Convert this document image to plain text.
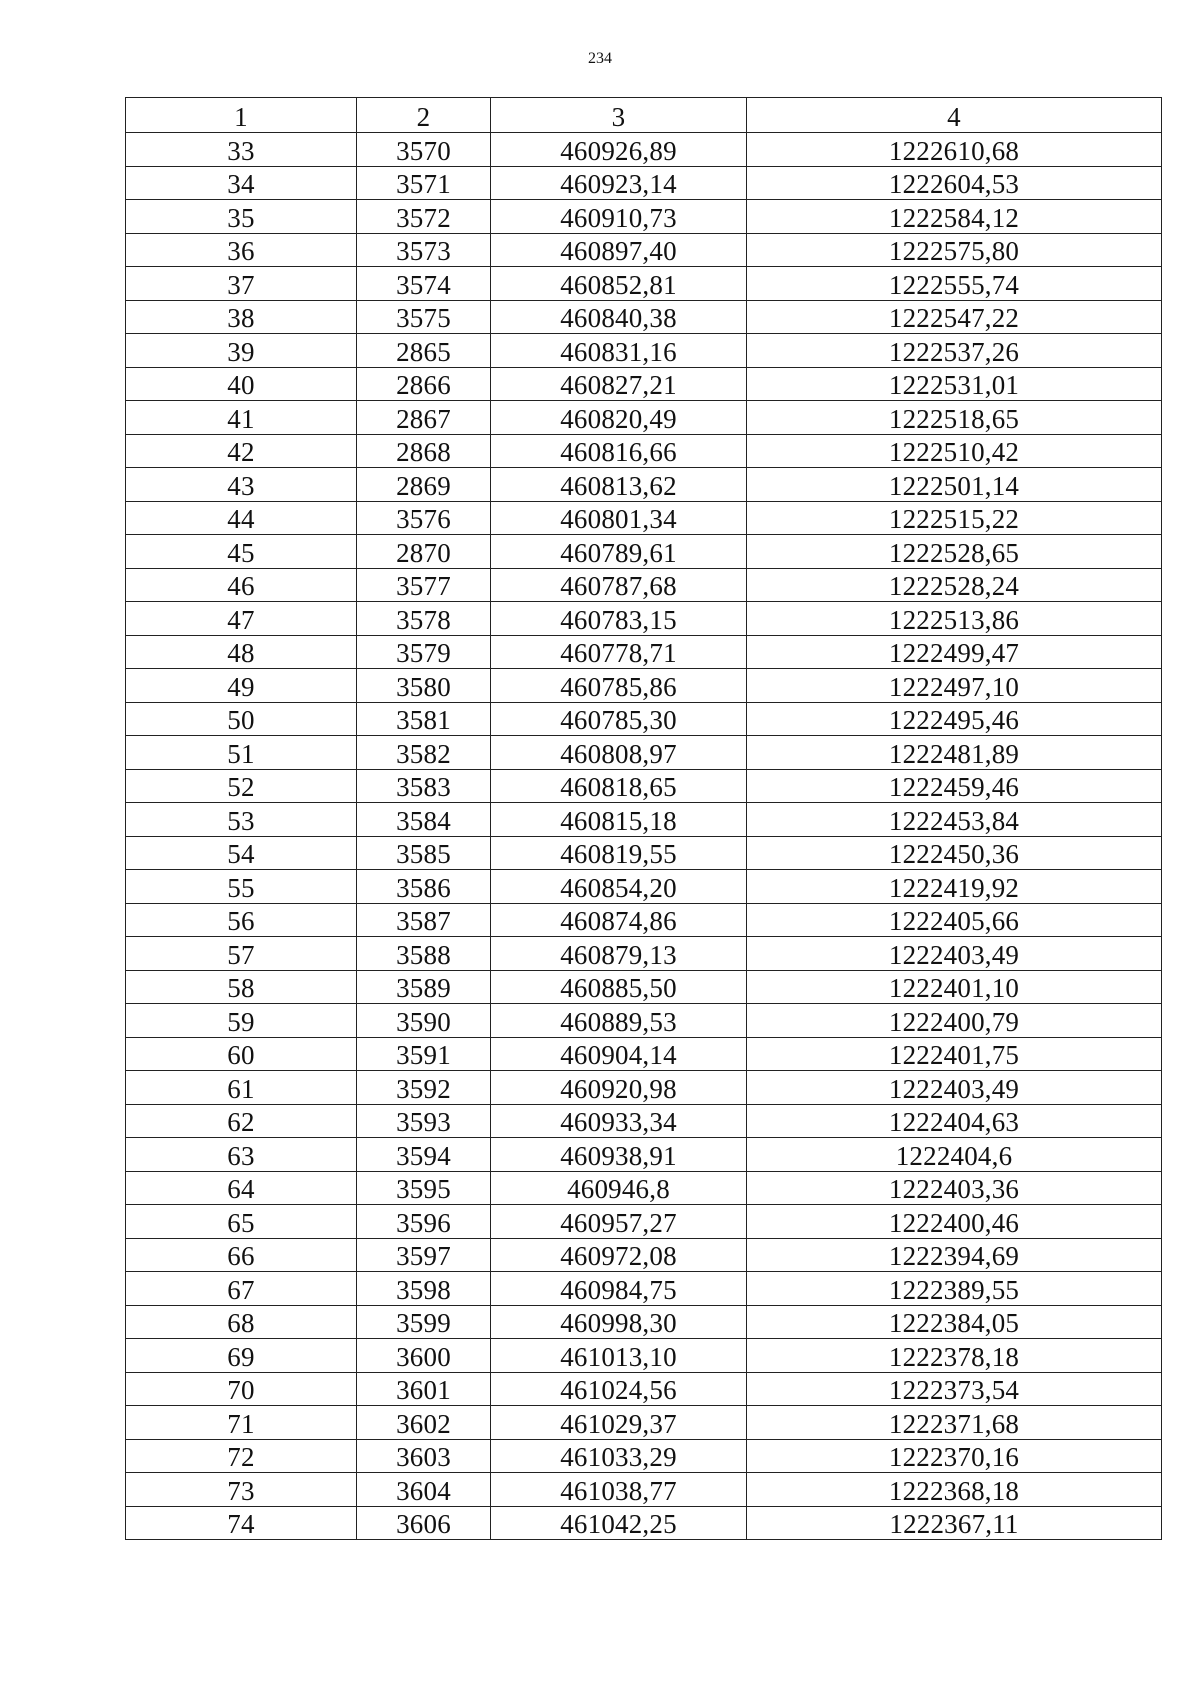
234
1	2	3	4
33	3570	460926,89	1222610,68
34	3571	460923,14	1222604,53
35	3572	460910,73	1222584,12
36	3573	460897,40	1222575,80
37	3574	460852,81	1222555,74
38	3575	460840,38	1222547,22
39	2865	460831,16	1222537,26
40	2866	460827,21	1222531,01
41	2867	460820,49	1222518,65
42	2868	460816,66	1222510,42
43	2869	460813,62	1222501,14
44	3576	460801,34	1222515,22
45	2870	460789,61	1222528,65
46	3577	460787,68	1222528,24
47	3578	460783,15	1222513,86
48	3579	460778,71	1222499,47
49	3580	460785,86	1222497,10
50	3581	460785,30	1222495,46
51	3582	460808,97	1222481,89
52	3583	460818,65	1222459,46
53	3584	460815,18	1222453,84
54	3585	460819,55	1222450,36
55	3586	460854,20	1222419,92
56	3587	460874,86	1222405,66
57	3588	460879,13	1222403,49
58	3589	460885,50	1222401,10
59	3590	460889,53	1222400,79
60	3591	460904,14	1222401,75
61	3592	460920,98	1222403,49
62	3593	460933,34	1222404,63
63	3594	460938,91	1222404,6
64	3595	460946,8	1222403,36
65	3596	460957,27	1222400,46
66	3597	460972,08	1222394,69
67	3598	460984,75	1222389,55
68	3599	460998,30	1222384,05
69	3600	461013,10	1222378,18
70	3601	461024,56	1222373,54
71	3602	461029,37	1222371,68
72	3603	461033,29	1222370,16
73	3604	461038,77	1222368,18
74	3606	461042,25	1222367,11
